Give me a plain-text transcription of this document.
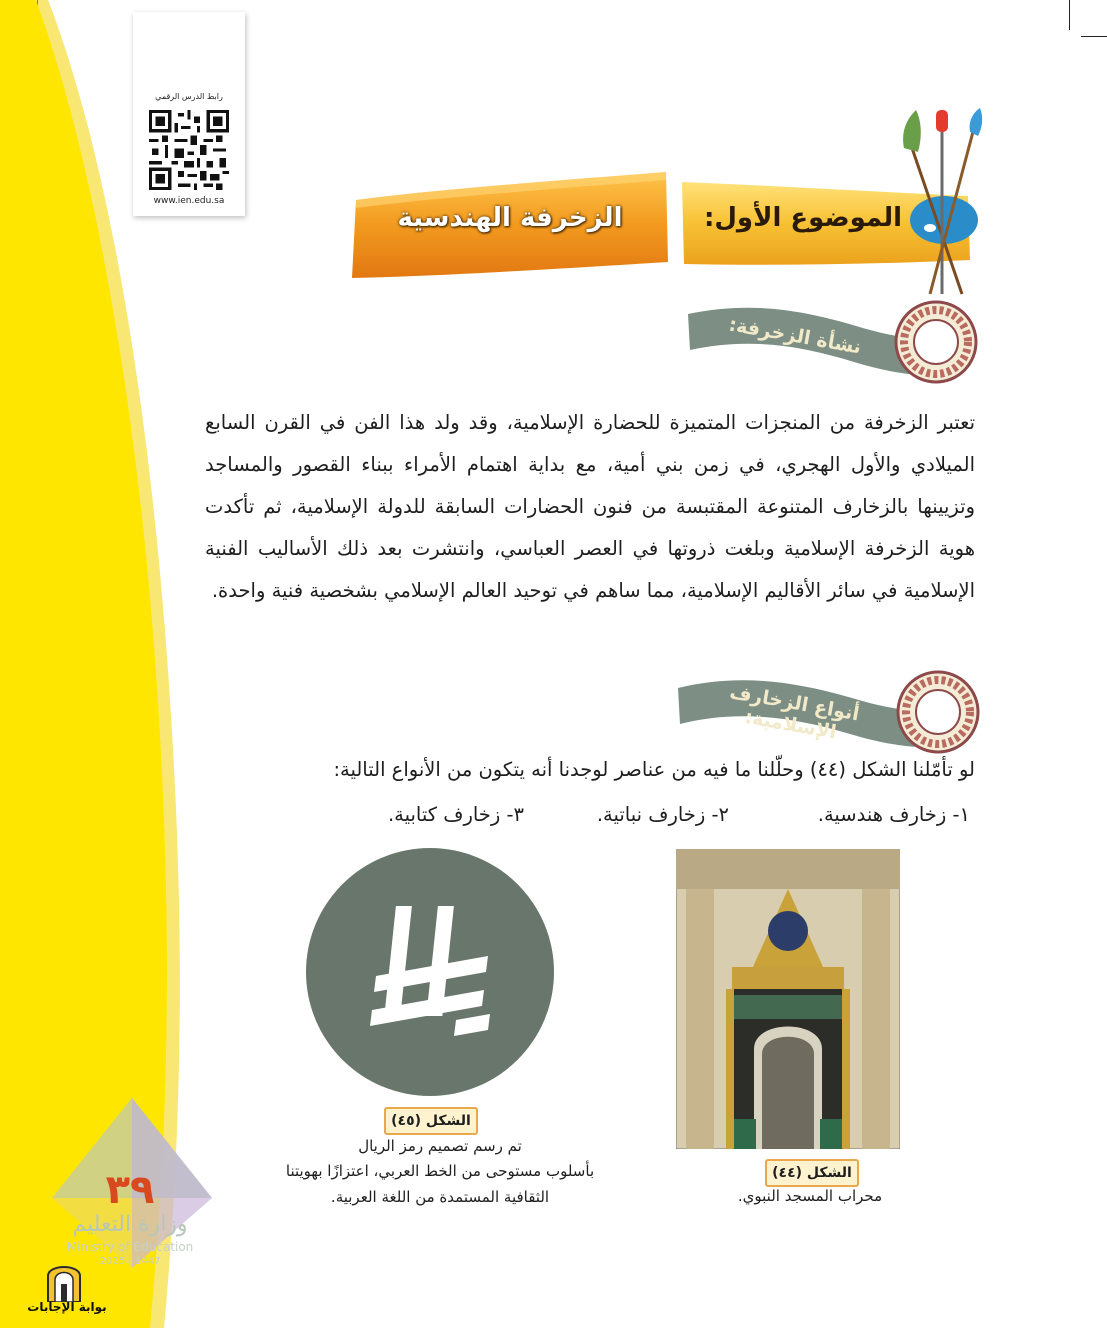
رابط الدرس الرقمي
www.ien.edu.sa
الزخرفة الهندسية	الموضوع الأول:
نشأة الزخرفة:
تعتبر الزخرفة من المنجزات المتميزة للحضارة الإسلامية، وقد ولد هذا الفن في القرن السابع الميلادي والأول الهجري، في زمن بني أمية، مع بداية اهتمام الأمراء ببناء القصور والمساجد وتزيينها بالزخارف المتنوعة المقتبسة من فنون الحضارات السابقة للدولة الإسلامية، ثم تأكدت هوية الزخرفة الإسلامية وبلغت ذروتها في العصر العباسي، وانتشرت بعد ذلك الأساليب الفنية الإسلامية في سائر الأقاليم الإسلامية، مما ساهم في توحيد العالم الإسلامي بشخصية فنية واحدة.
أنواع الزخارف الإسلامية:
لو تأمّلنا الشكل (٤٤) وحلّلنا ما فيه من عناصر لوجدنا أنه يتكون من الأنواع التالية:
١- زخارف هندسية.
٢- زخارف نباتية.
٣- زخارف كتابية.
الشكل (٤٤)
محراب المسجد النبوي.
الشكل (٤٥)
تم رسم تصميم رمز الريال
بأسلوب مستوحى من الخط العربي، اعتزازًا بهويتنا
الثقافية المستمدة من اللغة العربية.
٣٩
وزارة التعليم
Ministry of Education
2025 - 1447
بوابة الإجابات
